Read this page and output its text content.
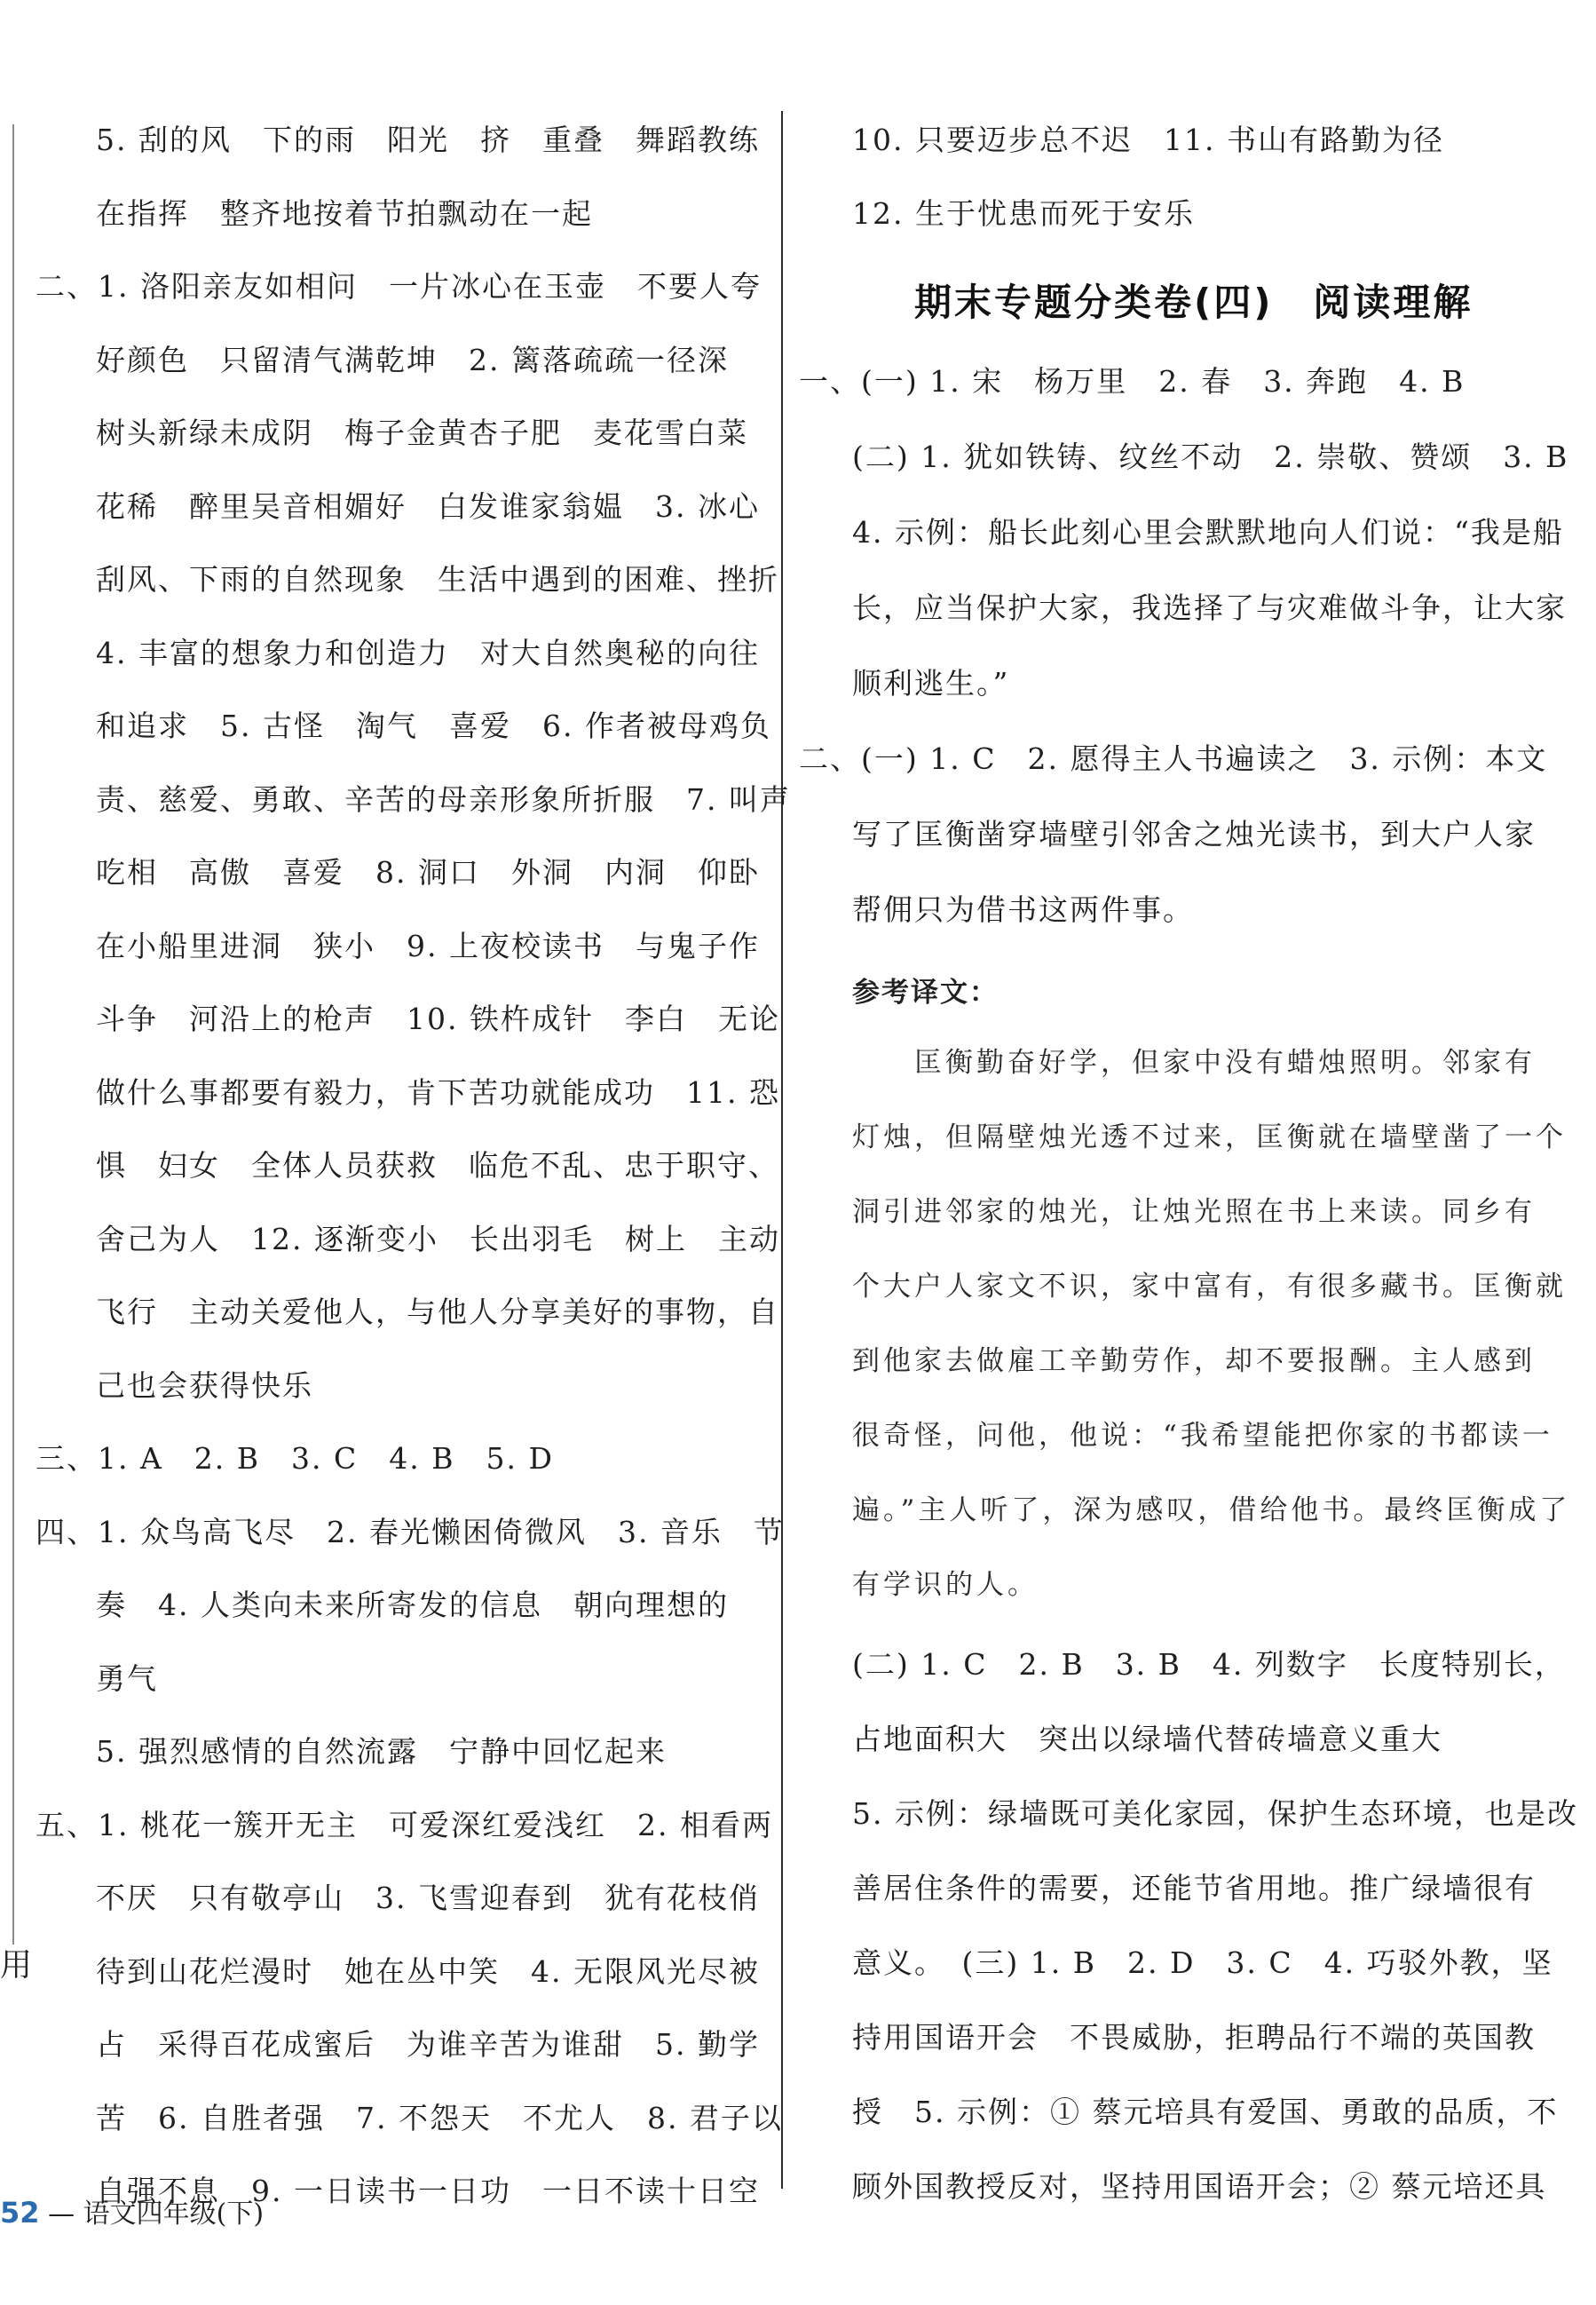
用
5. 刮的风　下的雨　阳光　挤　重叠　舞蹈教练
在指挥　整齐地按着节拍飘动在一起
二、1. 洛阳亲友如相问　一片冰心在玉壶　不要人夸
好颜色　只留清气满乾坤　2. 篱落疏疏一径深
树头新绿未成阴　梅子金黄杏子肥　麦花雪白菜
花稀　醉里吴音相媚好　白发谁家翁媪　3. 冰心
刮风、下雨的自然现象　生活中遇到的困难、挫折
4. 丰富的想象力和创造力　对大自然奥秘的向往
和追求　5. 古怪　淘气　喜爱　6. 作者被母鸡负
责、慈爱、勇敢、辛苦的母亲形象所折服　7. 叫声
吃相　高傲　喜爱　8. 洞口　外洞　内洞　仰卧
在小船里进洞　狭小　9. 上夜校读书　与鬼子作
斗争　河沿上的枪声　10. 铁杵成针　李白　无论
做什么事都要有毅力，肯下苦功就能成功　11. 恐
惧　妇女　全体人员获救　临危不乱、忠于职守、
舍己为人　12. 逐渐变小　长出羽毛　树上　主动
飞行　主动关爱他人，与他人分享美好的事物，自
己也会获得快乐
三、1. A　2. B　3. C　4. B　5. D
四、1. 众鸟高飞尽　2. 春光懒困倚微风　3. 音乐　节
奏　4. 人类向未来所寄发的信息　朝向理想的
勇气
5. 强烈感情的自然流露　宁静中回忆起来
五、1. 桃花一簇开无主　可爱深红爱浅红　2. 相看两
不厌　只有敬亭山　3. 飞雪迎春到　犹有花枝俏
待到山花烂漫时　她在丛中笑　4. 无限风光尽被
占　采得百花成蜜后　为谁辛苦为谁甜　5. 勤学
苦　6. 自胜者强　7. 不怨天　不尤人　8. 君子以
自强不息　9. 一日读书一日功　一日不读十日空
期末专题分类卷(四)　阅读理解
参考译文：
10. 只要迈步总不迟　11. 书山有路勤为径
12. 生于忧患而死于安乐
一、(一) 1. 宋　杨万里　2. 春　3. 奔跑　4. B
(二) 1. 犹如铁铸、纹丝不动　2. 崇敬、赞颂　3. B
4. 示例：船长此刻心里会默默地向人们说：“我是船
长，应当保护大家，我选择了与灾难做斗争，让大家
顺利逃生。”
二、(一) 1. C　2. 愿得主人书遍读之　3. 示例：本文
写了匡衡凿穿墙壁引邻舍之烛光读书，到大户人家
帮佣只为借书这两件事。
　　匡衡勤奋好学，但家中没有蜡烛照明。邻家有
灯烛，但隔壁烛光透不过来，匡衡就在墙壁凿了一个
洞引进邻家的烛光，让烛光照在书上来读。同乡有
个大户人家文不识，家中富有，有很多藏书。匡衡就
到他家去做雇工辛勤劳作，却不要报酬。主人感到
很奇怪，问他，他说：“我希望能把你家的书都读一
遍。”主人听了，深为感叹，借给他书。最终匡衡成了
有学识的人。
(二) 1. C　2. B　3. B　4. 列数字　长度特别长，
占地面积大　突出以绿墙代替砖墙意义重大
5. 示例：绿墙既可美化家园，保护生态环境，也是改
善居住条件的需要，还能节省用地。推广绿墙很有
意义。　(三) 1. B　2. D　3. C　4. 巧驳外教，坚
持用国语开会　不畏威胁，拒聘品行不端的英国教
授　5. 示例：① 蔡元培具有爱国、勇敢的品质，不
顾外国教授反对，坚持用国语开会；② 蔡元培还具
52 — 语文四年级(下)
